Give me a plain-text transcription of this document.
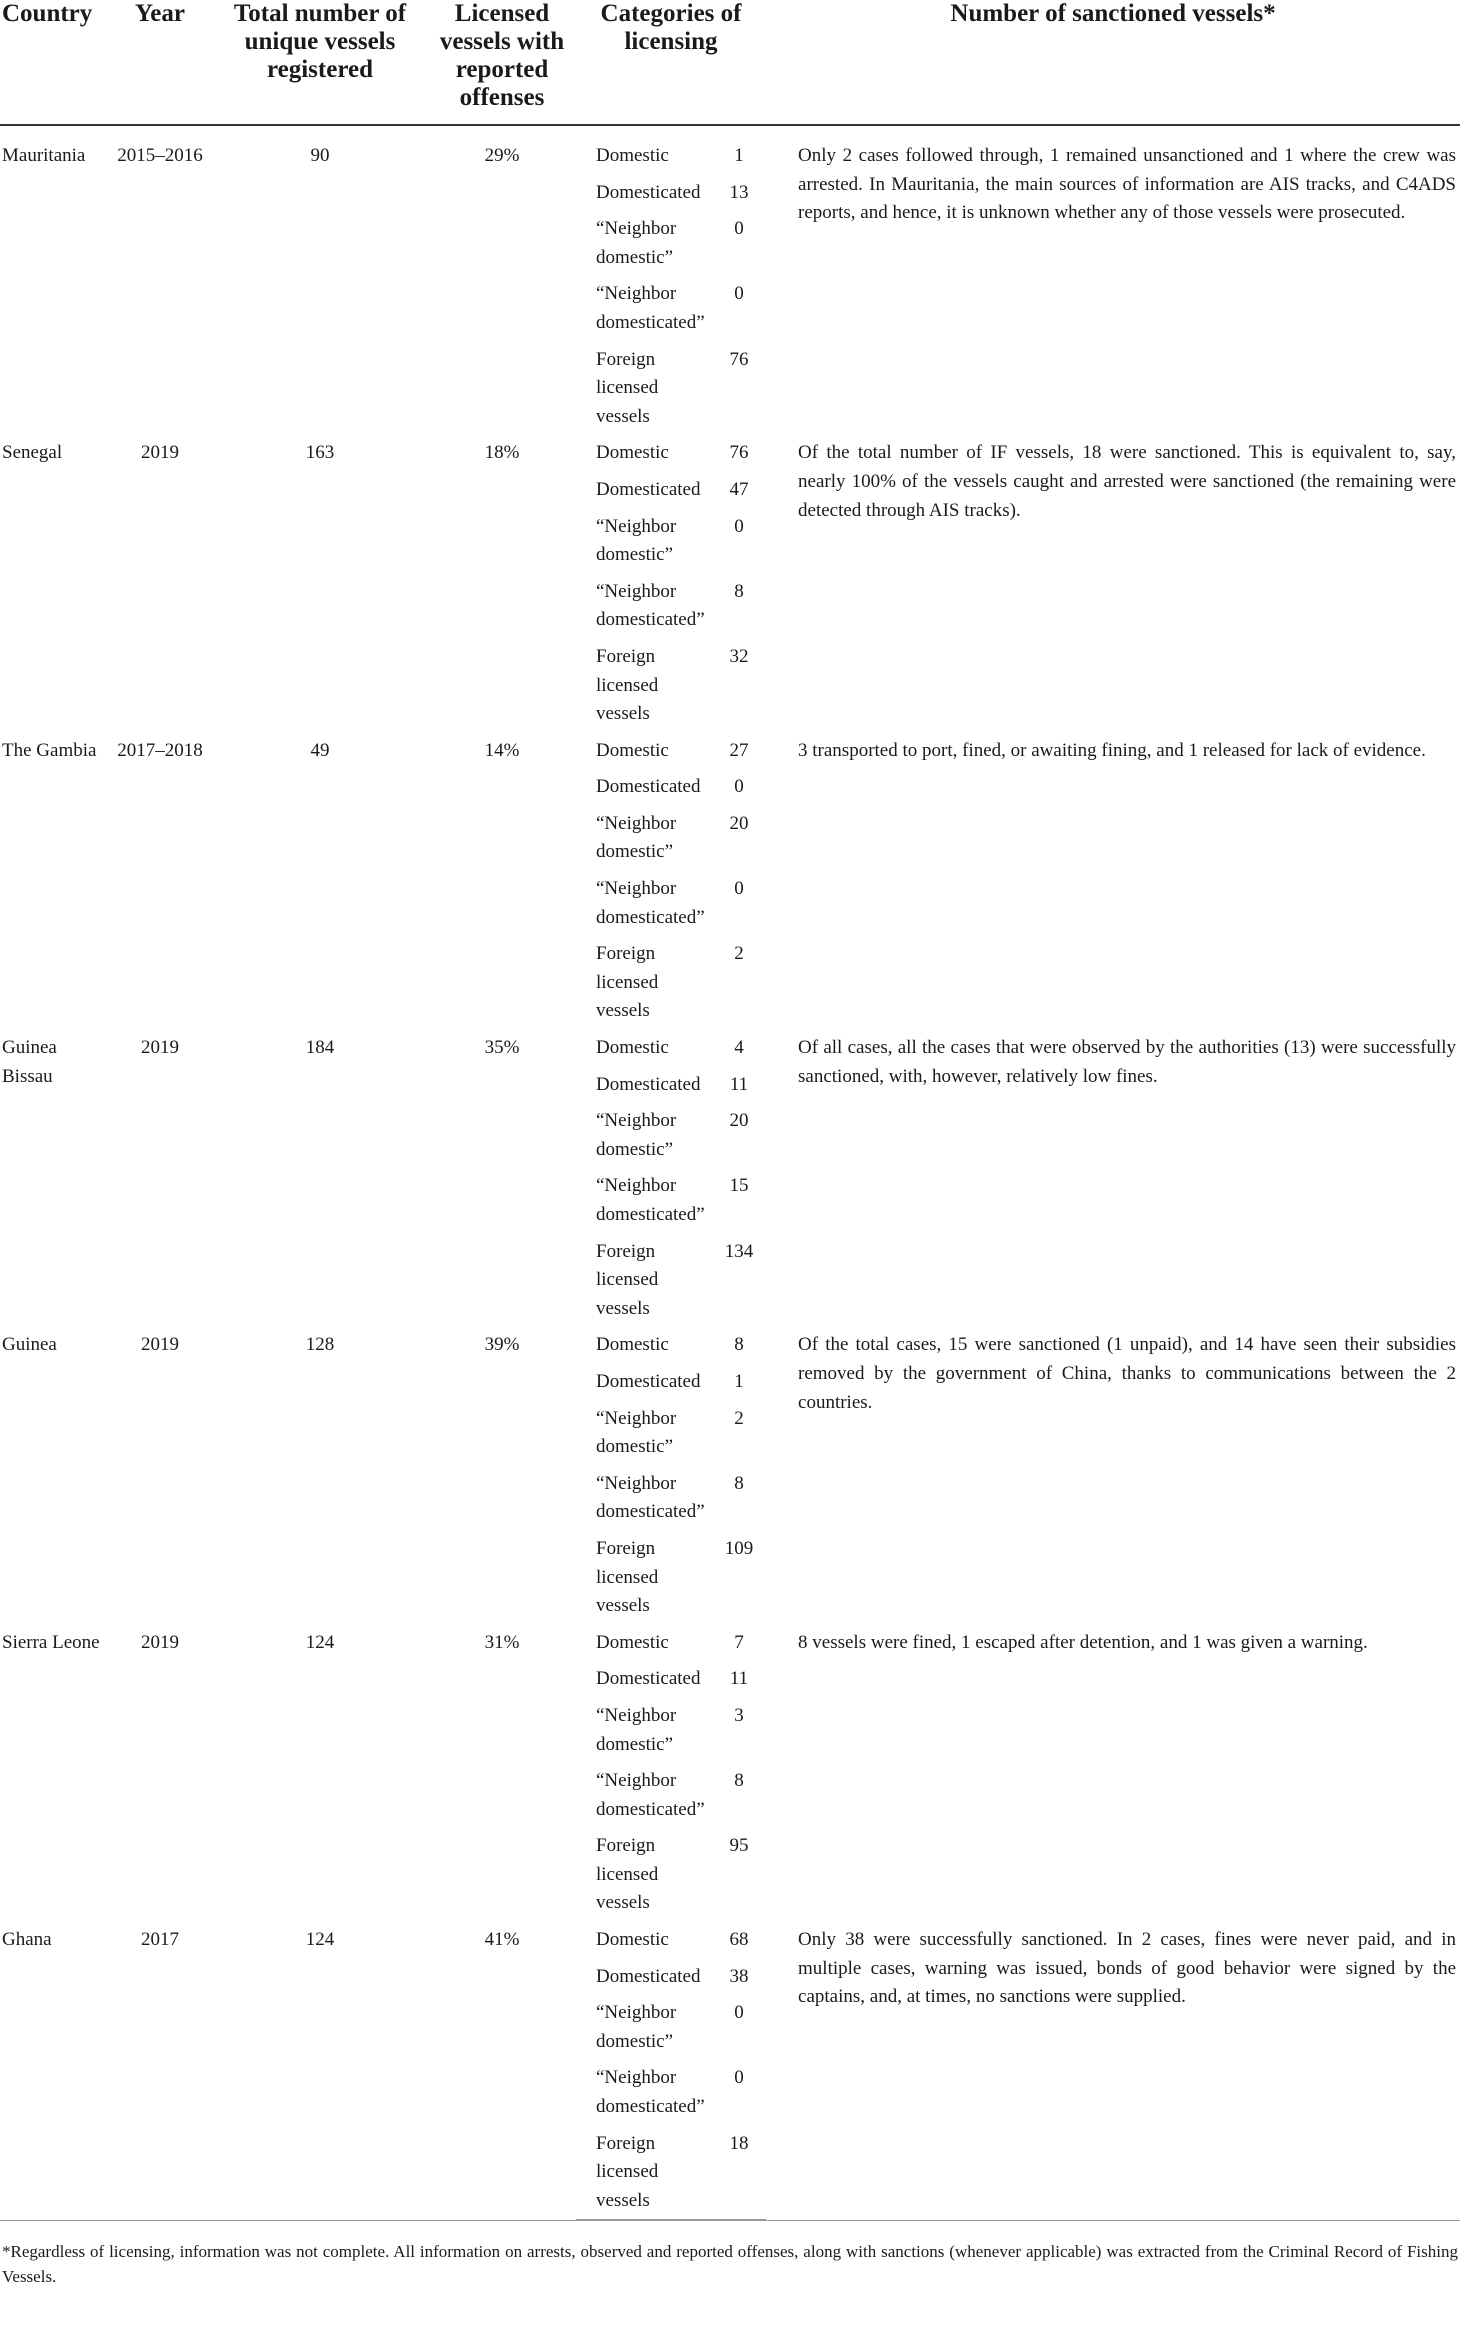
Country	Year	Total number of unique vessels registered	Licensed vessels with reported offenses	Categories of licensing		Number of sanctioned vessels*
Mauritania	2015–2016	90	29%	Domestic	1	Only 2 cases followed through, 1 remained unsanctioned and 1 where the crew was arrested. In Mauritania, the main sources of information are AIS tracks, and C4ADS reports, and hence, it is unknown whether any of those vessels were prosecuted.
				Domesticated	13	
				“Neighbor domestic”	0	
				“Neighbor domesticated”	0	
				Foreign licensed vessels	76	
Senegal	2019	163	18%	Domestic	76	Of the total number of IF vessels, 18 were sanctioned. This is equivalent to, say, nearly 100% of the vessels caught and arrested were sanctioned (the remaining were detected through AIS tracks).
				Domesticated	47	
				“Neighbor domestic”	0	
				“Neighbor domesticated”	8	
				Foreign licensed vessels	32	
The Gambia	2017–2018	49	14%	Domestic	27	3 transported to port, fined, or awaiting fining, and 1 released for lack of evidence.
				Domesticated	0	
				“Neighbor domestic”	20	
				“Neighbor domesticated”	0	
				Foreign licensed vessels	2	
Guinea Bissau	2019	184	35%	Domestic	4	Of all cases, all the cases that were observed by the authorities (13) were successfully sanctioned, with, however, relatively low fines.
				Domesticated	11	
				“Neighbor domestic”	20	
				“Neighbor domesticated”	15	
				Foreign licensed vessels	134	
Guinea	2019	128	39%	Domestic	8	Of the total cases, 15 were sanctioned (1 unpaid), and 14 have seen their subsidies removed by the government of China, thanks to communications between the 2 countries.
				Domesticated	1	
				“Neighbor domestic”	2	
				“Neighbor domesticated”	8	
				Foreign licensed vessels	109	
Sierra Leone	2019	124	31%	Domestic	7	8 vessels were fined, 1 escaped after detention, and 1 was given a warning.
				Domesticated	11	
				“Neighbor domestic”	3	
				“Neighbor domesticated”	8	
				Foreign licensed vessels	95	
Ghana	2017	124	41%	Domestic	68	Only 38 were successfully sanctioned. In 2 cases, fines were never paid, and in multiple cases, warning was issued, bonds of good behavior were signed by the captains, and, at times, no sanctions were supplied.
				Domesticated	38	
				“Neighbor domestic”	0	
				“Neighbor domesticated”	0	
				Foreign licensed vessels	18	
*Regardless of licensing, information was not complete. All information on arrests, observed and reported offenses, along with sanctions (whenever applicable) was extracted from the Criminal Record of Fishing Vessels.
